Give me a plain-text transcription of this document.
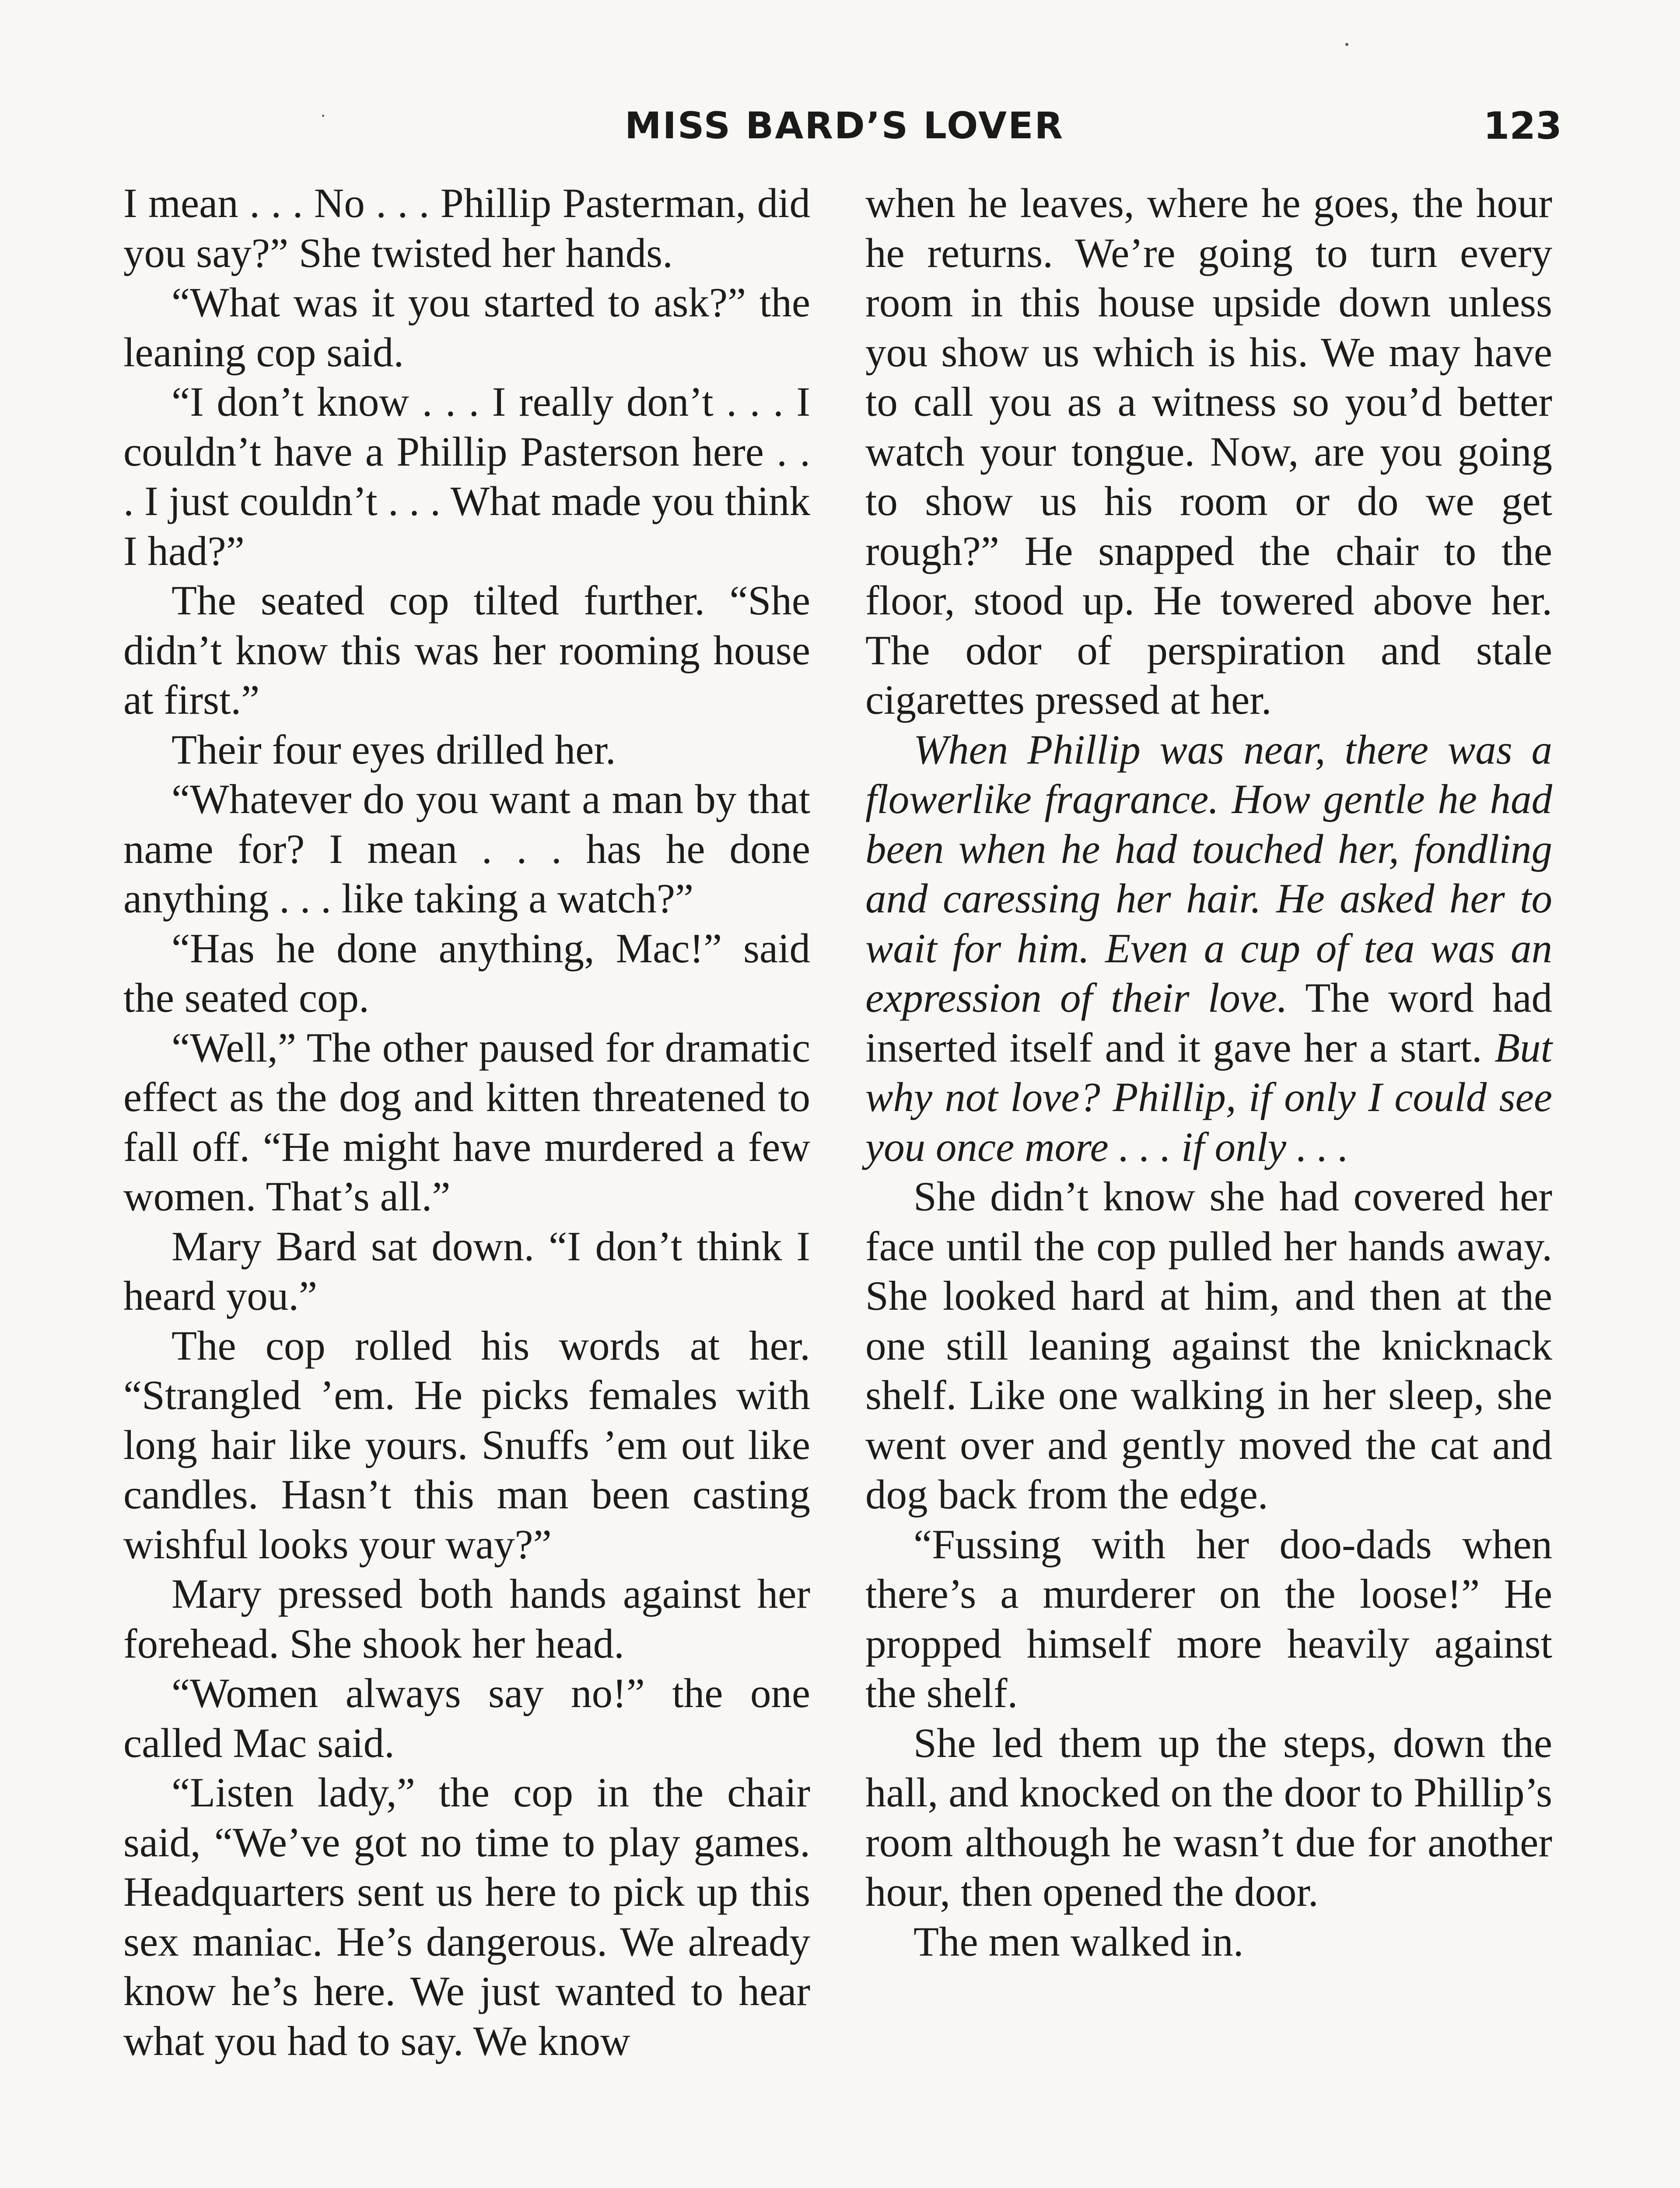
MISS BARD’S LOVER	123

I mean . . . No . . . Phillip Pasterman, did you say?” She twisted her hands.

“What was it you started to ask?” the leaning cop said.

“I don’t know . . . I really don’t . . . I couldn’t have a Phillip Pasterson here . . . I just couldn’t . . . What made you think I had?”

The seated cop tilted further. “She didn’t know this was her rooming house at first.”

Their four eyes drilled her.

“Whatever do you want a man by that name for? I mean . . . has he done anything . . . like taking a watch?”

“Has he done anything, Mac!” said the seated cop.

“Well,” The other paused for dramatic effect as the dog and kitten threatened to fall off. “He might have murdered a few women. That’s all.”

Mary Bard sat down. “I don’t think I heard you.”

The cop rolled his words at her. “Strangled ’em. He picks females with long hair like yours. Snuffs ’em out like candles. Hasn’t this man been casting wishful looks your way?”

Mary pressed both hands against her forehead. She shook her head.

“Women always say no!” the one called Mac said.

“Listen lady,” the cop in the chair said, “We’ve got no time to play games. Headquarters sent us here to pick up this sex maniac. He’s dangerous. We already know he’s here. We just wanted to hear what you had to say. We know

when he leaves, where he goes, the hour he returns. We’re going to turn every room in this house upside down unless you show us which is his. We may have to call you as a witness so you’d better watch your tongue. Now, are you going to show us his room or do we get rough?” He snapped the chair to the floor, stood up. He towered above her. The odor of perspiration and stale cigarettes pressed at her.

When Phillip was near, there was a flowerlike fragrance. How gentle he had been when he had touched her, fondling and caressing her hair. He asked her to wait for him. Even a cup of tea was an expression of their love. The word had inserted itself and it gave her a start. But why not love? Phillip, if only I could see you once more . . . if only . . .

She didn’t know she had covered her face until the cop pulled her hands away. She looked hard at him, and then at the one still leaning against the knicknack shelf. Like one walking in her sleep, she went over and gently moved the cat and dog back from the edge.

“Fussing with her doo-dads when there’s a murderer on the loose!” He propped himself more heavily against the shelf.

She led them up the steps, down the hall, and knocked on the door to Phillip’s room although he wasn’t due for another hour, then opened the door.

The men walked in.
